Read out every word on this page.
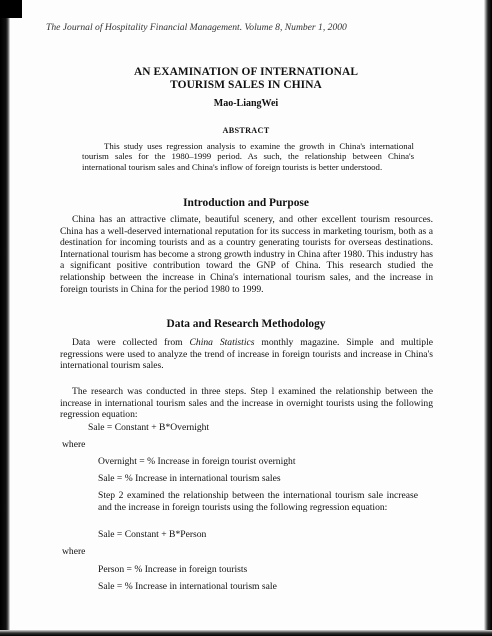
The Journal of Hospitality Financial Management. Volume 8, Number 1, 2000
AN EXAMINATION OF INTERNATIONAL
TOURISM SALES IN CHINA
Mao-LiangWei
ABSTRACT

This study uses regression analysis to examine the growth in China's international tourism sales for the 1980–1999 period. As such, the relationship between China's international tourism sales and China's inflow of foreign tourists is better understood.

Introduction and Purpose

China has an attractive climate, beautiful scenery, and other excellent tourism resources. China has a well-deserved international reputation for its success in marketing tourism, both as a destination for incoming tourists and as a country generating tourists for overseas destinations. International tourism has become a strong growth industry in China after 1980. This industry has a significant positive contribution toward the GNP of China. This research studied the relationship between the increase in China's international tourism sales, and the increase in foreign tourists in China for the period 1980 to 1999.

Data and Research Methodology

Data were collected from China Statistics monthly magazine. Simple and multiple regressions were used to analyze the trend of increase in foreign tourists and increase in China's international tourism sales.

The research was conducted in three steps. Step l examined the relationship between the increase in international tourism sales and the increase in overnight tourists using the following regression equation:

Sale = Constant + B*Overnight

where

Overnight = % Increase in foreign tourist overnight

Sale = % Increase in international tourism sales

Step 2 examined the relationship between the international tourism sale increase and the increase in foreign tourists using the following regression equation:

Sale = Constant + B*Person

where

Person = % Increase in foreign tourists

Sale = % Increase in international tourism sale
